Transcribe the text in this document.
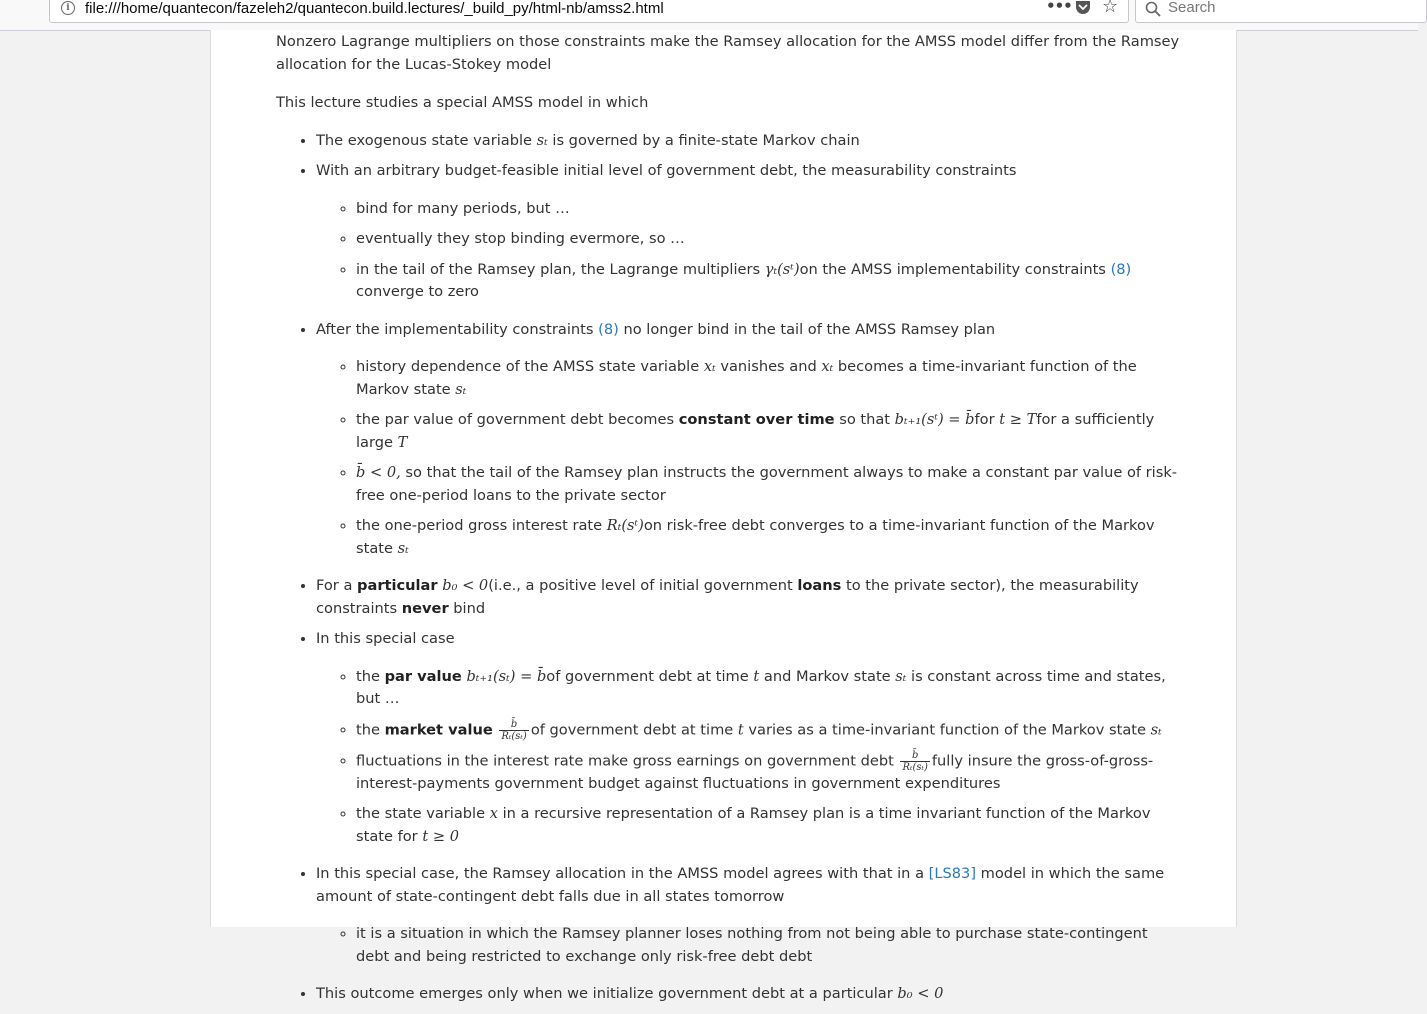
i	file:///home/quantecon/fazeleh2/quantecon.build.lectures/_build_py/html-nb/amss2.html	••• ☆
Search

Nonzero Lagrange multipliers on those constraints make the Ramsey allocation for the AMSS model differ from the Ramsey allocation for the Lucas-Stokey model

This lecture studies a special AMSS model in which

• The exogenous state variable sₜ is governed by a finite-state Markov chain
• With an arbitrary budget-feasible initial level of government debt, the measurability constraints
◦ bind for many periods, but …
◦ eventually they stop binding evermore, so …
◦ in the tail of the Ramsey plan, the Lagrange multipliers γₜ(sᵗ)on the AMSS implementability constraints (8) converge to zero
• After the implementability constraints (8) no longer bind in the tail of the AMSS Ramsey plan
◦ history dependence of the AMSS state variable xₜ vanishes and xₜ becomes a time-invariant function of the Markov state sₜ
◦ the par value of government debt becomes constant over time so that bₜ₊₁(sᵗ) = b̄for t ≥ Tfor a sufficiently large T
◦ b̄ < 0, so that the tail of the Ramsey plan instructs the government always to make a constant par value of risk-free one-period loans to the private sector
◦ the one-period gross interest rate Rₜ(sᵗ)on risk-free debt converges to a time-invariant function of the Markov state sₜ
• For a particular b₀ < 0(i.e., a positive level of initial government loans to the private sector), the measurability constraints never bind
• In this special case
◦ the par value bₜ₊₁(sₜ) = b̄of government debt at time t and Markov state sₜ is constant across time and states, but …
◦ the market value $\frac{b̄}{\text{Rₜ(sₜ)}}$ of government debt at time t varies as a time-invariant function of the Markov state sₜ
◦ fluctuations in the interest rate make gross earnings on government debt $\frac{b̄}{\text{Rₜ(sₜ)}}$ fully insure the gross-of-gross-interest-payments government budget against fluctuations in government expenditures
◦ the state variable x in a recursive representation of a Ramsey plan is a time invariant function of the Markov state for t ≥ 0
• In this special case, the Ramsey allocation in the AMSS model agrees with that in a [LS83] model in which the same amount of state-contingent debt falls due in all states tomorrow
◦ it is a situation in which the Ramsey planner loses nothing from not being able to purchase state-contingent debt and being restricted to exchange only risk-free debt debt
• This outcome emerges only when we initialize government debt at a particular b₀ < 0
